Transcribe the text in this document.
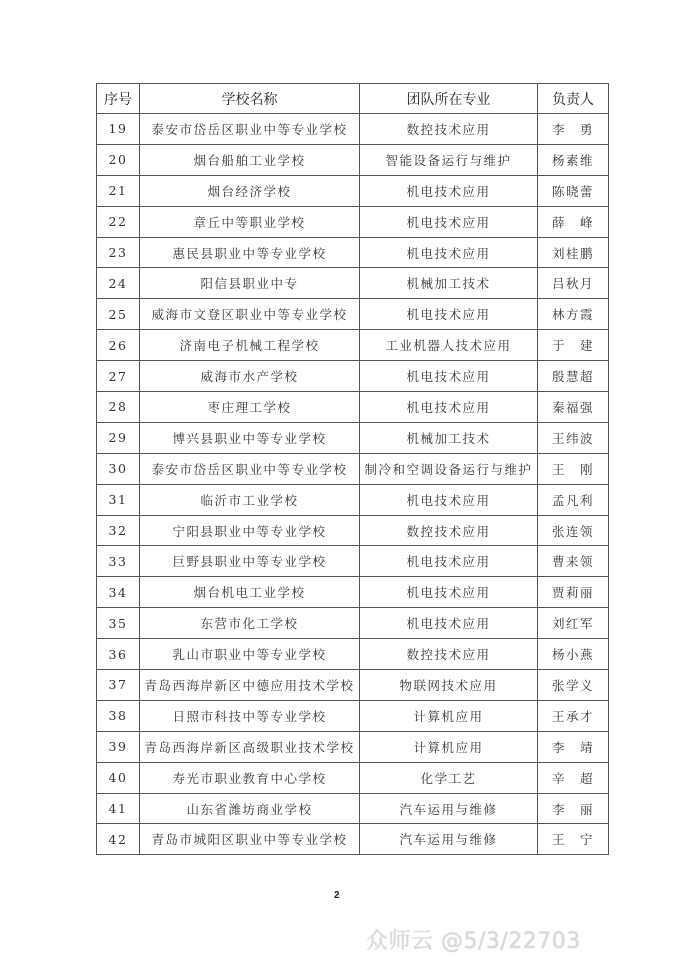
序号	学校名称	团队所在专业	负责人
19	泰安市岱岳区职业中等专业学校	数控技术应用	李　勇
20	烟台船舶工业学校	智能设备运行与维护	杨素维
21	烟台经济学校	机电技术应用	陈晓蕾
22	章丘中等职业学校	机电技术应用	薛　峰
23	惠民县职业中等专业学校	机电技术应用	刘桂鹏
24	阳信县职业中专	机械加工技术	吕秋月
25	威海市文登区职业中等专业学校	机电技术应用	林方霞
26	济南电子机械工程学校	工业机器人技术应用	于　建
27	威海市水产学校	机电技术应用	殷慧超
28	枣庄理工学校	机电技术应用	秦福强
29	博兴县职业中等专业学校	机械加工技术	王纬波
30	泰安市岱岳区职业中等专业学校	制冷和空调设备运行与维护	王　刚
31	临沂市工业学校	机电技术应用	孟凡利
32	宁阳县职业中等专业学校	数控技术应用	张连领
33	巨野县职业中等专业学校	机电技术应用	曹来领
34	烟台机电工业学校	机电技术应用	贾莉丽
35	东营市化工学校	机电技术应用	刘红军
36	乳山市职业中等专业学校	数控技术应用	杨小燕
37	青岛西海岸新区中德应用技术学校	物联网技术应用	张学义
38	日照市科技中等专业学校	计算机应用	王承才
39	青岛西海岸新区高级职业技术学校	计算机应用	李　靖
40	寿光市职业教育中心学校	化学工艺	辛　超
41	山东省潍坊商业学校	汽车运用与维修	李　丽
42	青岛市城阳区职业中等专业学校	汽车运用与维修	王　宁
2
众师云 @5/3/22703
